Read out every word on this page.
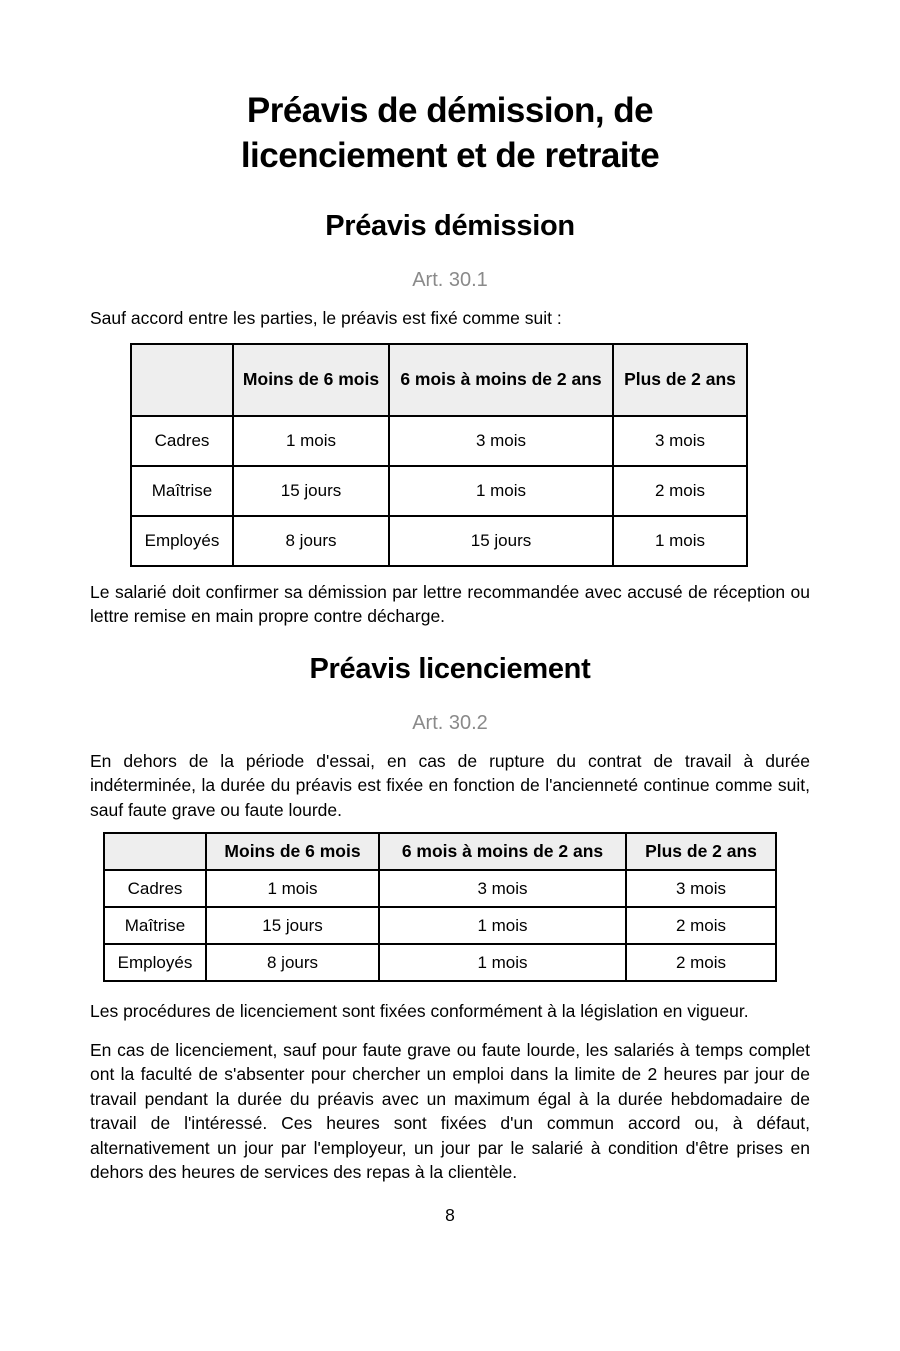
Préavis de démission, de
licenciement et de retraite
Préavis démission
Art. 30.1

Sauf accord entre les parties, le préavis est fixé comme suit :

	Moins de 6 mois	6 mois à moins de 2 ans	Plus de 2 ans
Cadres	1 mois	3 mois	3 mois
Maîtrise	15 jours	1 mois	2 mois
Employés	8 jours	15 jours	1 mois

Le salarié doit confirmer sa démission par lettre recommandée avec accusé de réception ou lettre remise en main propre contre décharge.

Préavis licenciement
Art. 30.2

En dehors de la période d'essai, en cas de rupture du contrat de travail à durée indéterminée, la durée du préavis est fixée en fonction de l'ancienneté continue comme suit, sauf faute grave ou faute lourde.

	Moins de 6 mois	6 mois à moins de 2 ans	Plus de 2 ans
Cadres	1 mois	3 mois	3 mois
Maîtrise	15 jours	1 mois	2 mois
Employés	8 jours	1 mois	2 mois

Les procédures de licenciement sont fixées conformément à la législation en vigueur.

En cas de licenciement, sauf pour faute grave ou faute lourde, les salariés à temps complet ont la faculté de s'absenter pour chercher un emploi dans la limite de 2 heures par jour de travail pendant la durée du préavis avec un maximum égal à la durée hebdomadaire de travail de l'intéressé. Ces heures sont fixées d'un commun accord ou, à défaut, alternativement un jour par l'employeur, un jour par le salarié à condition d'être prises en dehors des heures de services des repas à la clientèle.

8
